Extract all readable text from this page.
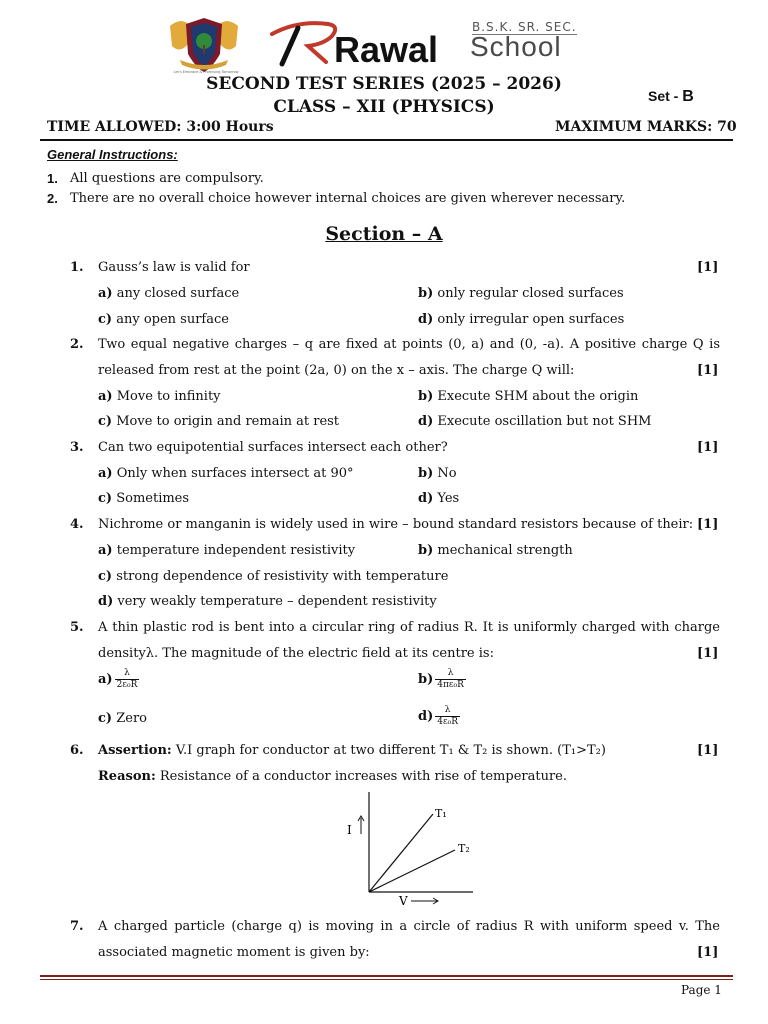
Let's Embrace & Promising Tomorrow
Rawal
B.S.K. SR. SEC.
School
SECOND TEST SERIES (2025 – 2026)
CLASS – XII (PHYSICS)
Set - B
TIME ALLOWED: 3:00 Hours	MAXIMUM MARKS: 70
General Instructions:
1. All questions are compulsory.
2. There are no overall choice however internal choices are given wherever necessary.
Section – A
1. Gauss’s law is valid for	[1]
a) any closed surface	b) only regular closed surfaces
c) any open surface	d) only irregular open surfaces
2. Two equal negative charges – q are fixed at points (0, a) and (0, -a). A positive charge Q is
released from rest at the point (2a, 0) on the x – axis. The charge Q will:	[1]
a) Move to infinity	b) Execute SHM about the origin
c) Move to origin and remain at rest	d) Execute oscillation but not SHM
3. Can two equipotential surfaces intersect each other?	[1]
a) Only when surfaces intersect at 90°	b) No
c) Sometimes	d) Yes
4. Nichrome or manganin is widely used in wire – bound standard resistors because of their: [1]
a) temperature independent resistivity	b) mechanical strength
c) strong dependence of resistivity with temperature
d) very weakly temperature – dependent resistivity
5. A thin plastic rod is bent into a circular ring of radius R. It is uniformly charged with charge
densityλ. The magnitude of the electric field at its centre is:	[1]
$a) \frac{\lambda}{\text{2ε₀R}}$	$b) \frac{\lambda}{\text{4πε₀R}}$
c) Zero	$d) \frac{\lambda}{\text{4ε₀R}}$
6. Assertion: V.I graph for conductor at two different T₁ & T₂ is shown. (T₁>T₂)	[1]
Reason: Resistance of a conductor increases with rise of temperature.
I
V
T₁
T₂
7. A charged particle (charge q) is moving in a circle of radius R with uniform speed v. The
associated magnetic moment is given by:	[1]
Page 1
